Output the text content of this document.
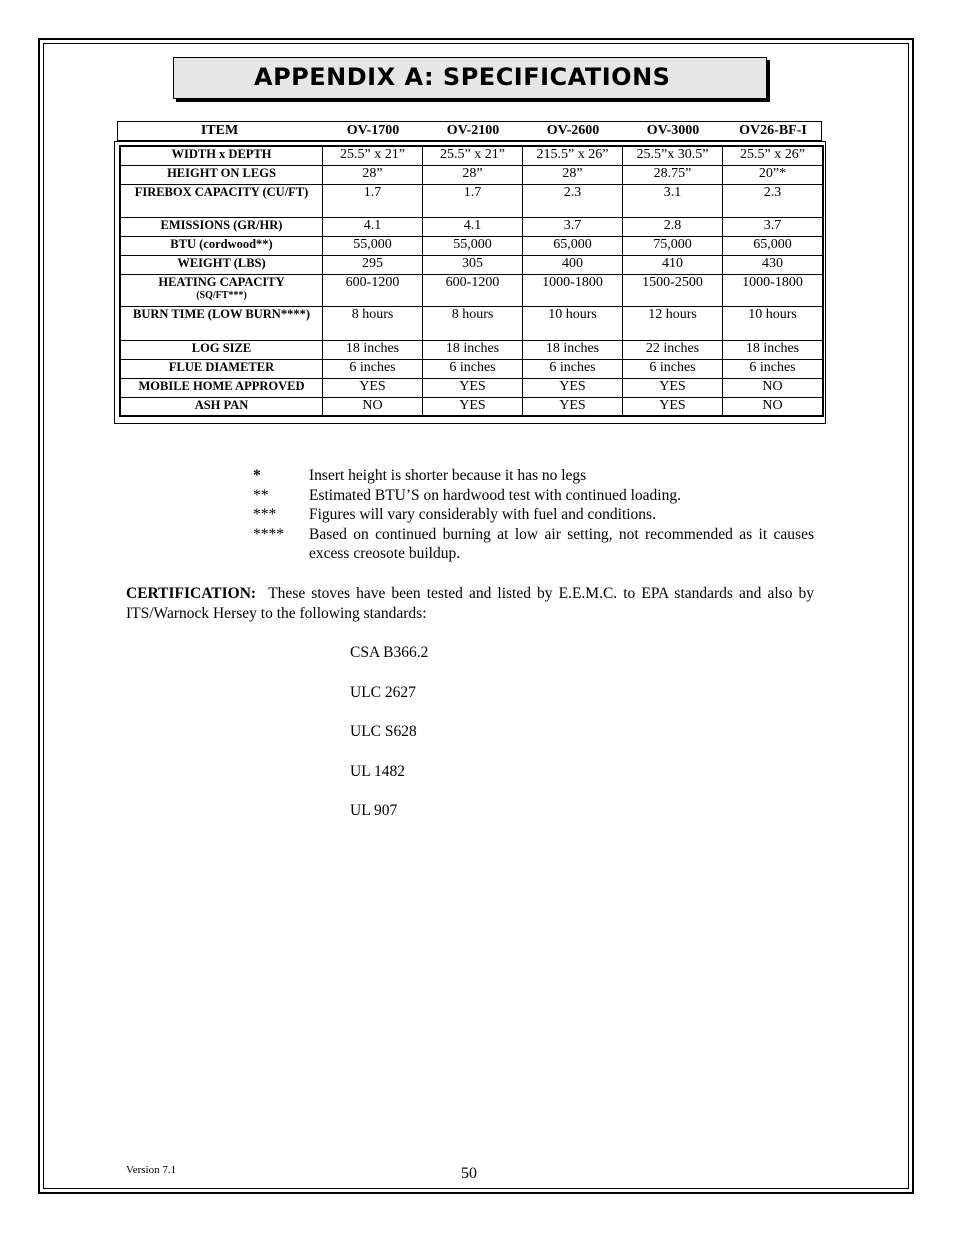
APPENDIX A: SPECIFICATIONS
ITEM	OV-1700	OV-2100	OV-2600	OV-3000	OV26-BF-I
WIDTH x DEPTH	25.5” x 21”	25.5” x 21”	215.5” x 26”	25.5”x 30.5”	25.5” x 26”
HEIGHT ON LEGS	28”	28”	28”	28.75”	20”*
FIREBOX CAPACITY (CU/FT)	1.7	1.7	2.3	3.1	2.3
EMISSIONS (GR/HR)	4.1	4.1	3.7	2.8	3.7
BTU (cordwood**)	55,000	55,000	65,000	75,000	65,000
WEIGHT (LBS)	295	305	400	410	430
HEATING CAPACITY
(SQ/FT***)	600-1200	600-1200	1000-1800	1500-2500	1000-1800
BURN TIME (LOW BURN****)	8 hours	8 hours	10 hours	12 hours	10 hours
LOG SIZE	18 inches	18 inches	18 inches	22 inches	18 inches
FLUE DIAMETER	6 inches	6 inches	6 inches	6 inches	6 inches
MOBILE HOME APPROVED	YES	YES	YES	YES	NO
ASH PAN	NO	YES	YES	YES	NO
*	Insert height is shorter because it has no legs
**	Estimated BTU’S on hardwood test with continued loading.
***	Figures will vary considerably with fuel and conditions.
****	Based on continued burning at low air setting, not recommended as it causes excess creosote buildup.
CERTIFICATION: These stoves have been tested and listed by E.E.M.C. to EPA standards and also by ITS/Warnock Hersey to the following standards:
CSA B366.2
ULC 2627
ULC S628
UL 1482
UL 907
Version 7.1	50
